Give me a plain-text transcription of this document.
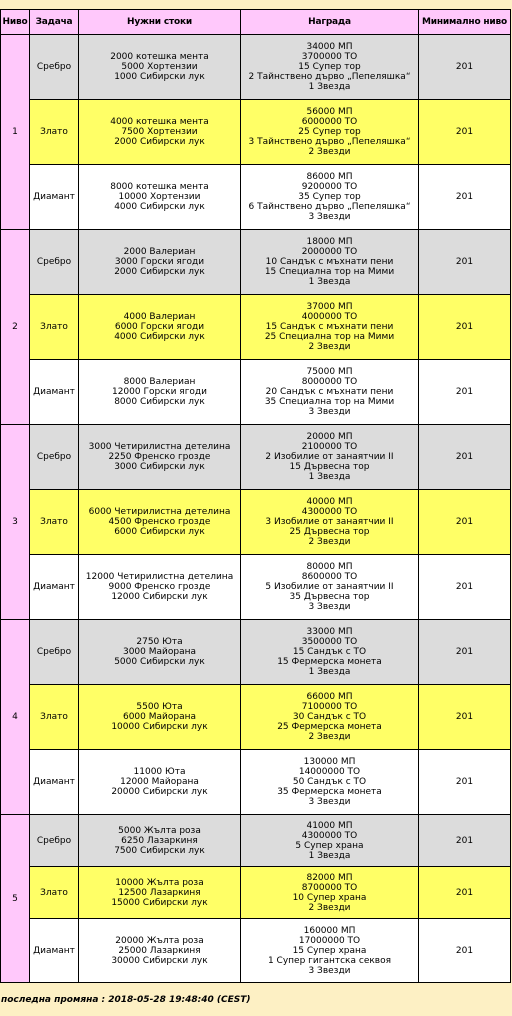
Ниво	Задача	Нужни стоки	Награда	Минимално ниво
1	Сребро	2000 котешка мента
5000 Хортензии
1000 Сибирски лук	34000 МП
3700000 ТО
15 Супер тор
2 Тайнствено дърво „Пепеляшка“
1 Звезда	201
	Злато	4000 котешка мента
7500 Хортензии
2000 Сибирски лук	56000 МП
6000000 ТО
25 Супер тор
3 Тайнствено дърво „Пепеляшка“
2 Звезди	201
	Диамант	8000 котешка мента
10000 Хортензии
4000 Сибирски лук	86000 МП
9200000 ТО
35 Супер тор
6 Тайнствено дърво „Пепеляшка“
3 Звезди	201
2	Сребро	2000 Валериан
3000 Горски ягоди
2000 Сибирски лук	18000 МП
2000000 ТО
10 Сандък с мъхнати пени
15 Специална тор на Мими
1 Звезда	201
	Злато	4000 Валериан
6000 Горски ягоди
4000 Сибирски лук	37000 МП
4000000 ТО
15 Сандък с мъхнати пени
25 Специална тор на Мими
2 Звезди	201
	Диамант	8000 Валериан
12000 Горски ягоди
8000 Сибирски лук	75000 МП
8000000 ТО
20 Сандък с мъхнати пени
35 Специална тор на Мими
3 Звезди	201
3	Сребро	3000 Четирилистна детелина
2250 Френско грозде
3000 Сибирски лук	20000 МП
2100000 ТО
2 Изобилие от занаятчии II
15 Дървесна тор
1 Звезда	201
	Злато	6000 Четирилистна детелина
4500 Френско грозде
6000 Сибирски лук	40000 МП
4300000 ТО
3 Изобилие от занаятчии II
25 Дървесна тор
2 Звезди	201
	Диамант	12000 Четирилистна детелина
9000 Френско грозде
12000 Сибирски лук	80000 МП
8600000 ТО
5 Изобилие от занаятчии II
35 Дървесна тор
3 Звезди	201
4	Сребро	2750 Юта
3000 Майорана
5000 Сибирски лук	33000 МП
3500000 ТО
15 Сандък с ТО
15 Фермерска монета
1 Звезда	201
	Злато	5500 Юта
6000 Майорана
10000 Сибирски лук	66000 МП
7100000 ТО
30 Сандък с ТО
25 Фермерска монета
2 Звезди	201
	Диамант	11000 Юта
12000 Майорана
20000 Сибирски лук	130000 МП
14000000 ТО
50 Сандък с ТО
35 Фермерска монета
3 Звезди	201
5	Сребро	5000 Жълта роза
6250 Лазаркиня
7500 Сибирски лук	41000 МП
4300000 ТО
5 Супер храна
1 Звезда	201
	Злато	10000 Жълта роза
12500 Лазаркиня
15000 Сибирски лук	82000 МП
8700000 ТО
10 Супер храна
2 Звезди	201
	Диамант	20000 Жълта роза
25000 Лазаркиня
30000 Сибирски лук	160000 МП
17000000 ТО
15 Супер храна
1 Супер гигантска секвоя
3 Звезди	201
последна промяна : 2018-05-28 19:48:40 (CEST)
